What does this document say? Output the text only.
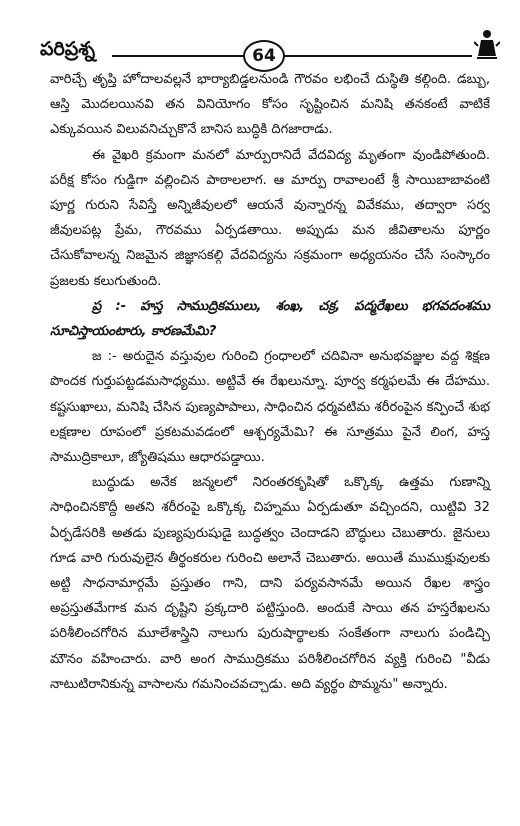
పరిప్రశ్న	64

వారిచ్చే తృప్తి హోదాలవల్లనే భార్యాబిడ్డలనుండి గౌరవం లభించే దుస్థితి కల్గింది. డబ్బు, ఆస్తి మొదలయినవి తన వినియోగం కోసం సృష్టించిన మనిషి తనకంటే వాటికే ఎక్కువయిన విలువనిచ్చుకొనే బానిస బుద్ధికి దిగజారాడు.

ఈ వైఖరి క్రమంగా మనలో మార్పురానిదే వేదవిద్య మృతంగా వుండిపోతుంది. పరీక్ష కోసం గుడ్డిగా వల్లించిన పాఠాలలాగ. ఆ మార్పు రావాలంటే శ్రీ సాయిబాబావంటి పూర్ణ గురుని సేవిస్తే అన్నిజీవులలో ఆయనే వున్నారన్న వివేకము, తద్వారా సర్వ జీవులపట్ల ప్రేమ, గౌరవము ఏర్పడతాయి. అప్పుడు మన జీవితాలను పూర్ణం చేసుకోవాలన్న నిజమైన జిజ్ఞాసకల్గి వేదవిద్యను సక్రమంగా అధ్యయనం చేసే సంస్కారం ప్రజలకు కలుగుతుంది.

ప్ర :- హస్త సాముద్రికములు, శంఖ, చక్ర, పద్మరేఖలు భగవదంశము సూచిస్తాయంటారు, కారణమేమి?

జ :- అరుదైన వస్తువుల గురించి గ్రంధాలలో చదివినా అనుభవజ్ఞుల వద్ద శిక్షణ పొందక గుర్తుపట్టడమసాధ్యము. అట్టివే ఈ రేఖలున్నూ. పూర్వ కర్మఫలమే ఈ దేహము. కష్టసుఖాలు, మనిషి చేసిన పుణ్యపాపాలు, సాధించిన ధర్మవటిమ శరీరంపైన కన్పించే శుభ లక్షణాల రూపంలో ప్రకటమవడంలో ఆశ్చర్యమేమి? ఈ సూత్రము పైనే లింగ, హస్త సాముద్రికాలూ, జ్యోతిషము ఆధారపడ్డాయి.

బుద్ధుడు అనేక జన్మలలో నిరంతరకృషితో ఒక్కొక్క ఉత్తమ గుణాన్ని సాధించినకొద్దీ అతని శరీరంపై ఒక్కొక్క చిహ్నము ఏర్పడుతూ వచ్చిందని, యిట్టివి 32 ఏర్పడేసరికి అతడు పుణ్యపురుషుడై బుద్ధత్వం చెందాడని బౌద్ధులు చెబుతారు. జైనులు గూడ వారి గురువులైన తీర్థంకరుల గురించి అలానే చెబుతారు. అయితే ముముక్షువులకు అట్టి సాధనామార్గమే ప్రస్తుతం గాని, దాని పర్యవసానమే అయిన రేఖల శాస్త్రం అప్రస్తుతమేగాక మన దృష్టిని ప్రక్కదారి పట్టిస్తుంది. అందుకే సాయి తన హస్తరేఖలను పరిశీలించగోరిన మూలేశాస్త్రిని నాలుగు పురుషార్థాలకు సంకేతంగా నాలుగు పండిచ్చి మౌనం వహించారు. వారి అంగ సాముద్రికము పరిశీలించగోరిన వ్యక్తి గురించి "వీడు నాటుటిరానికున్న వాసాలను గమనించవచ్చాడు. అది వ్యర్థం పొమ్మను" అన్నారు.
